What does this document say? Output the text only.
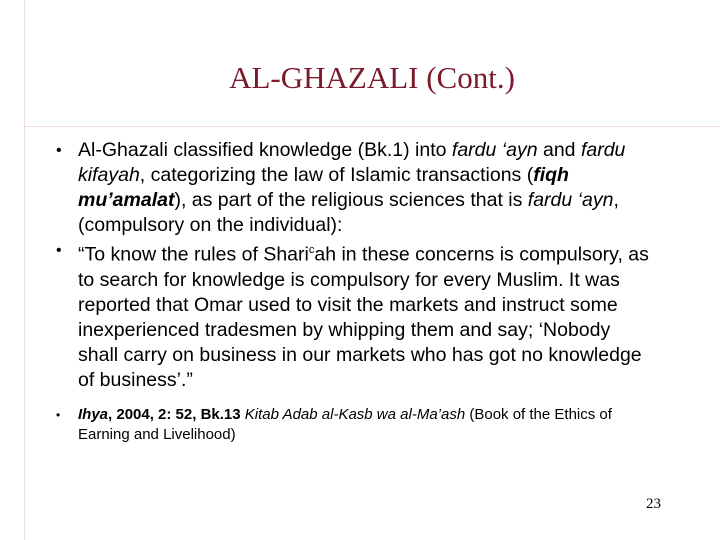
AL-GHAZALI (Cont.)
• Al-Ghazali classified knowledge (Bk.1) into fardu ‘ayn and fardu kifayah, categorizing the law of Islamic transactions (fiqh mu’amalat), as part of the religious sciences that is fardu ‘ayn, (compulsory on the individual):
• “To know the rules of Shari$^c$ah in these concerns is compulsory, as to search for knowledge is compulsory for every Muslim. It was reported that Omar used to visit the markets and instruct some inexperienced tradesmen by whipping them and say; ‘Nobody shall carry on business in our markets who has got no knowledge of business’.”
• Ihya, 2004, 2: 52, Bk.13 Kitab Adab al-Kasb wa al-Ma’ash (Book of the Ethics of Earning and Livelihood)
23
